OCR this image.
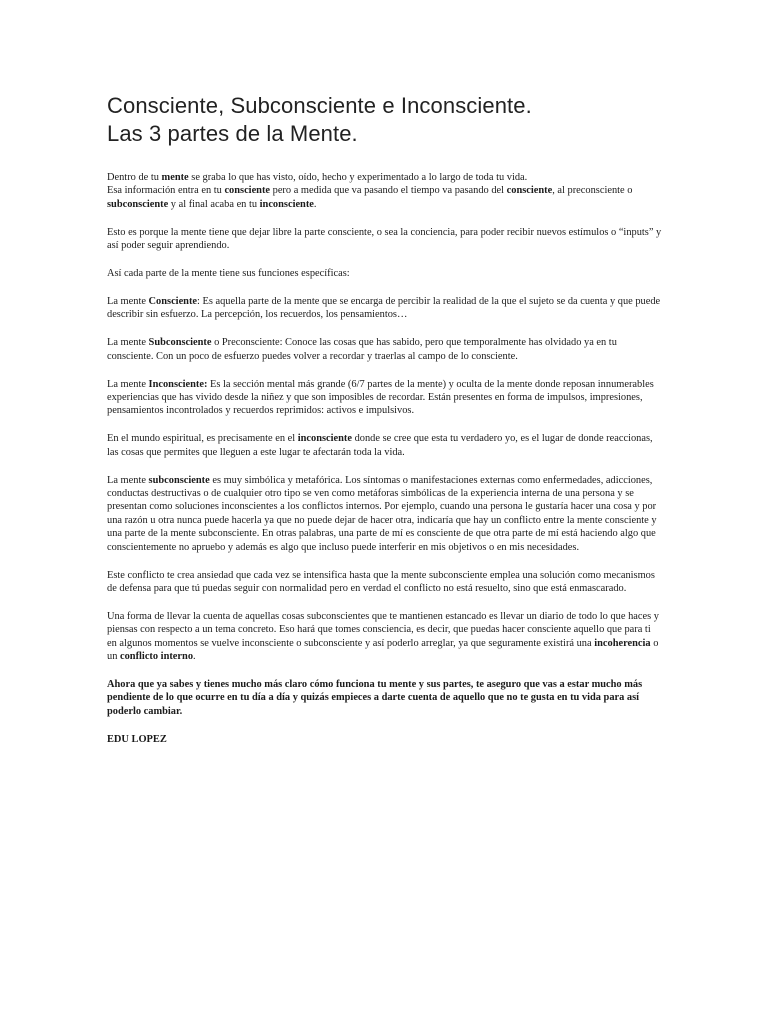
Consciente, Subconsciente e Inconsciente.
Las 3 partes de la Mente.

Dentro de tu mente se graba lo que has visto, oído, hecho y experimentado a lo largo de toda tu vida.
Esa información entra en tu consciente pero a medida que va pasando el tiempo va pasando del consciente, al preconsciente o subconsciente y al final acaba en tu inconsciente.

Esto es porque la mente tiene que dejar libre la parte consciente, o sea la conciencia, para poder recibir nuevos estímulos o “inputs” y así poder seguir aprendiendo.

Así cada parte de la mente tiene sus funciones específicas:

La mente Consciente: Es aquella parte de la mente que se encarga de percibir la realidad de la que el sujeto se da cuenta y que puede describir sin esfuerzo. La percepción, los recuerdos, los pensamientos…

La mente Subconsciente o Preconsciente: Conoce las cosas que has sabido, pero que temporalmente has olvidado ya en tu consciente. Con un poco de esfuerzo puedes volver a recordar y traerlas al campo de lo consciente.

La mente Inconsciente: Es la sección mental más grande (6/7 partes de la mente) y oculta de la mente donde reposan innumerables experiencias que has vivido desde la niñez y que son imposibles de recordar. Están presentes en forma de impulsos, impresiones, pensamientos incontrolados y recuerdos reprimidos: activos e impulsivos.

En el mundo espiritual, es precisamente en el inconsciente donde se cree que esta tu verdadero yo, es el lugar de donde reaccionas, las cosas que permites que lleguen a este lugar te afectarán toda la vida.

La mente subconsciente es muy simbólica y metafórica. Los síntomas o manifestaciones externas como enfermedades, adicciones, conductas destructivas o de cualquier otro tipo se ven como metáforas simbólicas de la experiencia interna de una persona y se presentan como soluciones inconscientes a los conflictos internos. Por ejemplo, cuando una persona le gustaría hacer una cosa y por una razón u otra nunca puede hacerla ya que no puede dejar de hacer otra, indicaría que hay un conflicto entre la mente consciente y una parte de la mente subconsciente. En otras palabras, una parte de mí es consciente de que otra parte de mí está haciendo algo que conscientemente no apruebo y además es algo que incluso puede interferir en mis objetivos o en mis necesidades.

Este conflicto te crea ansiedad que cada vez se intensifica hasta que la mente subconsciente emplea una solución como mecanismos de defensa para que tú puedas seguir con normalidad pero en verdad el conflicto no está resuelto, sino que está enmascarado.

Una forma de llevar la cuenta de aquellas cosas subconscientes que te mantienen estancado es llevar un diario de todo lo que haces y piensas con respecto a un tema concreto. Eso hará que tomes consciencia, es decir, que puedas hacer consciente aquello que para ti en algunos momentos se vuelve inconsciente o subconsciente y así poderlo arreglar, ya que seguramente existirá una incoherencia o un conflicto interno.

Ahora que ya sabes y tienes mucho más claro cómo funciona tu mente y sus partes, te aseguro que vas a estar mucho más pendiente de lo que ocurre en tu día a día y quizás empieces a darte cuenta de aquello que no te gusta en tu vida para así poderlo cambiar.

EDU LOPEZ
